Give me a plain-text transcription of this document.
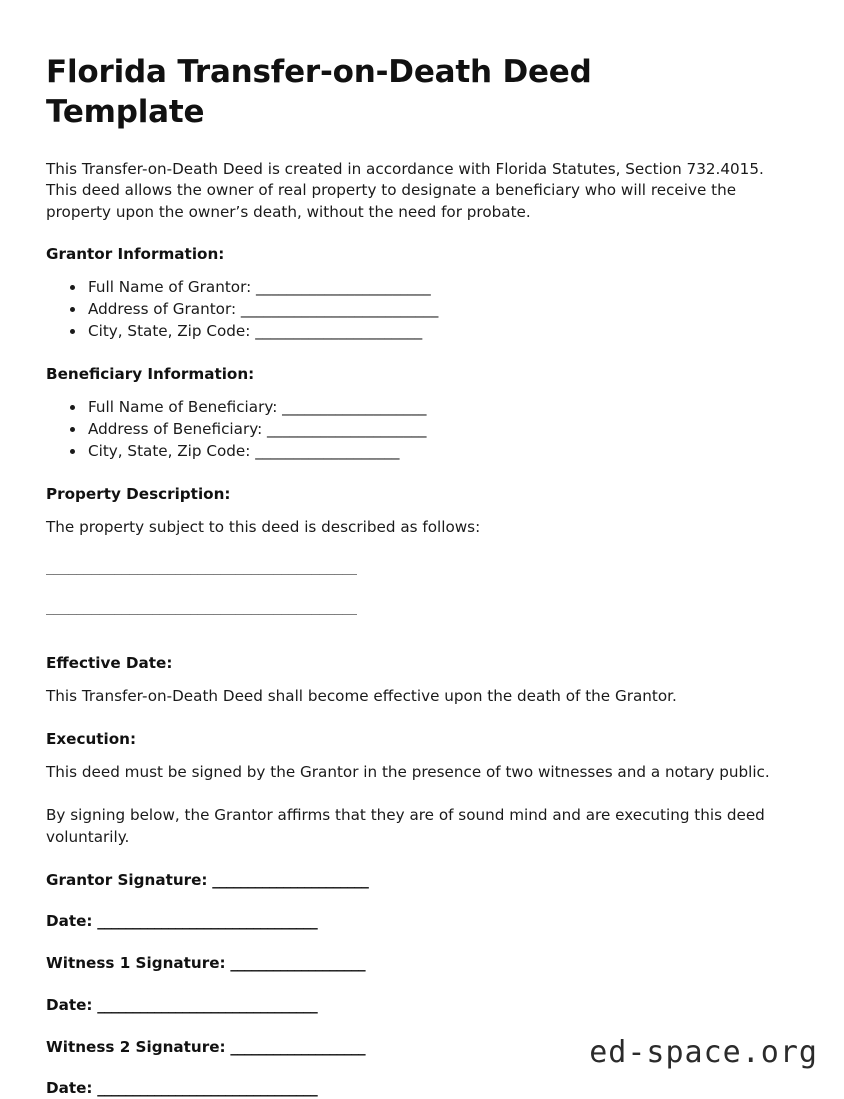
Florida Transfer-on-Death Deed Template

This Transfer-on-Death Deed is created in accordance with Florida Statutes, Section 732.4015. This deed allows the owner of real property to designate a beneficiary who will receive the property upon the owner’s death, without the need for probate.

Grantor Information:
• Full Name of Grantor: _______________________
• Address of Grantor: __________________________
• City, State, Zip Code: ______________________
Beneficiary Information:
• Full Name of Beneficiary: ___________________
• Address of Beneficiary: _____________________
• City, State, Zip Code: ___________________
Property Description:

The property subject to this deed is described as follows:

_________________________________________
_________________________________________
Effective Date:

This Transfer-on-Death Deed shall become effective upon the death of the Grantor.

Execution:

This deed must be signed by the Grantor in the presence of two witnesses and a notary public.

By signing below, the Grantor affirms that they are of sound mind and are executing this deed voluntarily.

Grantor Signature: ______________________
Date: _______________________________
Witness 1 Signature: ___________________
Date: _______________________________
Witness 2 Signature: ___________________
Date: _______________________________
ed-space.org
